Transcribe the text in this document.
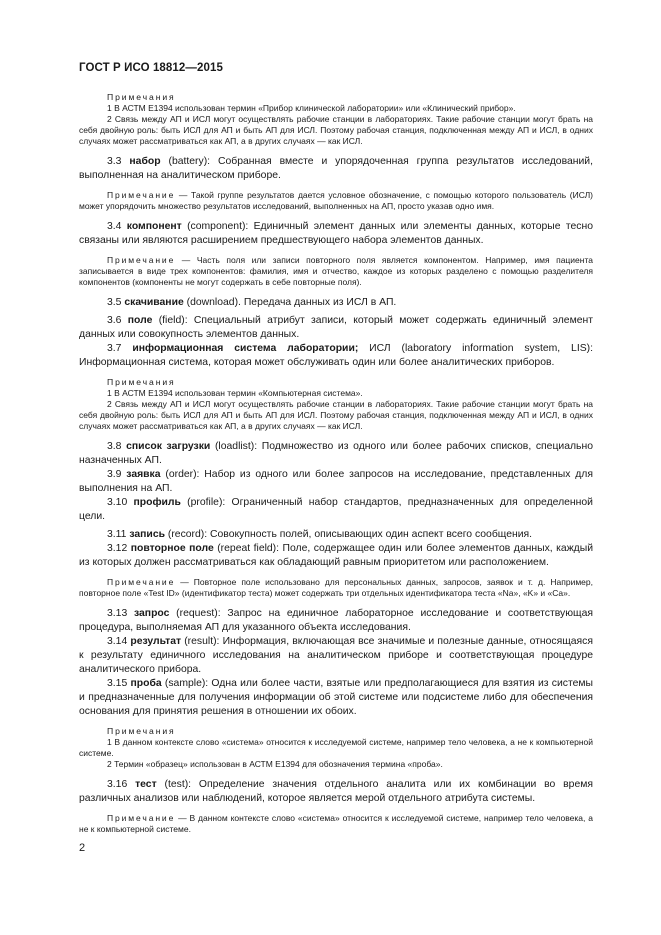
ГОСТ Р ИСО 18812—2015

Примечания

1 В АСТМ Е1394 использован термин «Прибор клинической лаборатории» или «Клинический прибор».

2 Связь между АП и ИСЛ могут осуществлять рабочие станции в лабораториях. Такие рабочие станции могут брать на себя двойную роль: быть ИСЛ для АП и быть АП для ИСЛ. Поэтому рабочая станция, подключенная между АП и ИСЛ, в одних случаях может рассматриваться как АП, а в других случаях — как ИСЛ.

3.3 набор (battery): Собранная вместе и упорядоченная группа результатов исследований, выполненная на аналитическом приборе.

Примечание — Такой группе результатов дается условное обозначение, с помощью которого пользователь (ИСЛ) может упорядочить множество результатов исследований, выполненных на АП, просто указав одно имя.

3.4 компонент (component): Единичный элемент данных или элементы данных, которые тесно связаны или являются расширением предшествующего набора элементов данных.

Примечание — Часть поля или записи повторного поля является компонентом. Например, имя пациента записывается в виде трех компонентов: фамилия, имя и отчество, каждое из которых разделено с помощью разделителя компонентов (компоненты не могут содержать в себе повторные поля).

3.5 скачивание (download). Передача данных из ИСЛ в АП.

3.6 поле (field): Специальный атрибут записи, который может содержать единичный элемент данных или совокупность элементов данных.

3.7 информационная система лаборатории; ИСЛ (laboratory information system, LIS): Информационная система, которая может обслуживать один или более аналитических приборов.

Примечания

1 В АСТМ Е1394 использован термин «Компьютерная система».

2 Связь между АП и ИСЛ могут осуществлять рабочие станции в лабораториях. Такие рабочие станции могут брать на себя двойную роль: быть ИСЛ для АП и быть АП для ИСЛ. Поэтому рабочая станция, подключенная между АП и ИСЛ, в одних случаях может рассматриваться как АП, а в других случаях — как ИСЛ.

3.8 список загрузки (loadlist): Подмножество из одного или более рабочих списков, специально назначенных АП.

3.9 заявка (order): Набор из одного или более запросов на исследование, представленных для выполнения на АП.

3.10 профиль (profile): Ограниченный набор стандартов, предназначенных для определенной цели.

3.11 запись (record): Совокупность полей, описывающих один аспект всего сообщения.

3.12 повторное поле (repeat field): Поле, содержащее один или более элементов данных, каждый из которых должен рассматриваться как обладающий равным приоритетом или расположением.

Примечание — Повторное поле использовано для персональных данных, запросов, заявок и т. д. Например, повторное поле «Test ID» (идентификатор теста) может содержать три отдельных идентификатора теста «Na», «K» и «Ca».

3.13 запрос (request): Запрос на единичное лабораторное исследование и соответствующая процедура, выполняемая АП для указанного объекта исследования.

3.14 результат (result): Информация, включающая все значимые и полезные данные, относящаяся к результату единичного исследования на аналитическом приборе и соответствующая процедуре аналитического прибора.

3.15 проба (sample): Одна или более части, взятые или предполагающиеся для взятия из системы и предназначенные для получения информации об этой системе или подсистеме либо для обеспечения основания для принятия решения в отношении их обоих.

Примечания

1 В данном контексте слово «система» относится к исследуемой системе, например тело человека, а не к компьютерной системе.

2 Термин «образец» использован в АСТМ Е1394 для обозначения термина «проба».

3.16 тест (test): Определение значения отдельного аналита или их комбинации во время различных анализов или наблюдений, которое является мерой отдельного атрибута системы.

Примечание — В данном контексте слово «система» относится к исследуемой системе, например тело человека, а не к компьютерной системе.

2
